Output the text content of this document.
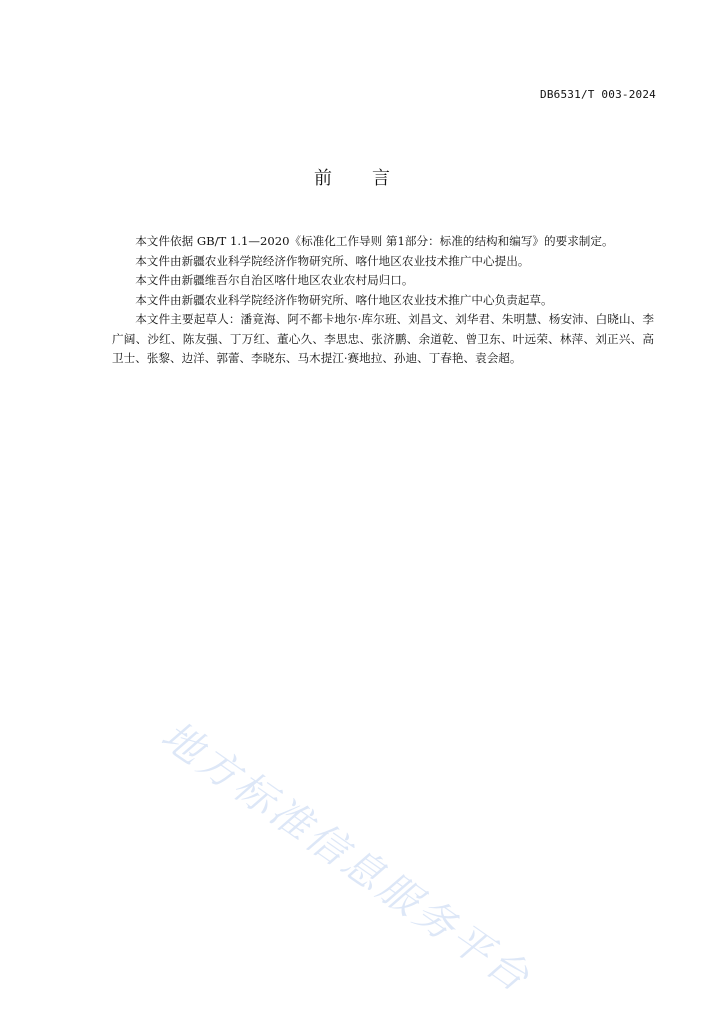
DB6531/T 003-2024
前言

本文件依据 GB/T 1.1—2020《标准化工作导则 第1部分：标准的结构和编写》的要求制定。

本文件由新疆农业科学院经济作物研究所、喀什地区农业技术推广中心提出。

本文件由新疆维吾尔自治区喀什地区农业农村局归口。

本文件由新疆农业科学院经济作物研究所、喀什地区农业技术推广中心负责起草。

本文件主要起草人：潘竟海、阿不都卡地尔·库尔班、刘昌文、刘华君、朱明慧、杨安沛、白晓山、李广阔、沙红、陈友强、丁万红、董心久、李思忠、张济鹏、余道乾、曾卫东、叶远荣、林萍、刘正兴、高卫士、张黎、边洋、郭蕾、李晓东、马木提江·赛地拉、孙迪、丁春艳、袁会超。

地方标准信息服务平台
